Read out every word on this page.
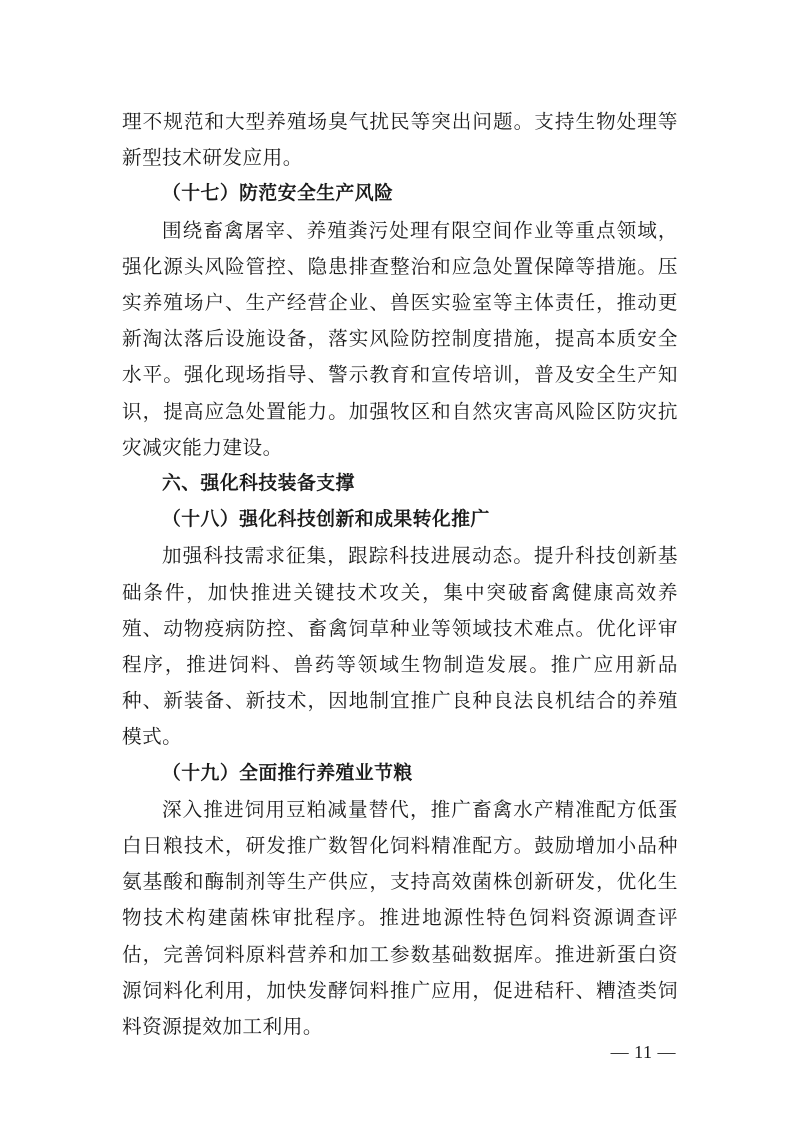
理不规范和大型养殖场臭气扰民等突出问题。支持生物处理等新型技术研发应用。

（十七）防范安全生产风险

围绕畜禽屠宰、养殖粪污处理有限空间作业等重点领域，强化源头风险管控、隐患排查整治和应急处置保障等措施。压实养殖场户、生产经营企业、兽医实验室等主体责任，推动更新淘汰落后设施设备，落实风险防控制度措施，提高本质安全水平。强化现场指导、警示教育和宣传培训，普及安全生产知识，提高应急处置能力。加强牧区和自然灾害高风险区防灾抗灾减灾能力建设。

六、强化科技装备支撑

（十八）强化科技创新和成果转化推广

加强科技需求征集，跟踪科技进展动态。提升科技创新基础条件，加快推进关键技术攻关，集中突破畜禽健康高效养殖、动物疫病防控、畜禽饲草种业等领域技术难点。优化评审程序，推进饲料、兽药等领域生物制造发展。推广应用新品种、新装备、新技术，因地制宜推广良种良法良机结合的养殖模式。

（十九）全面推行养殖业节粮

深入推进饲用豆粕减量替代，推广畜禽水产精准配方低蛋白日粮技术，研发推广数智化饲料精准配方。鼓励增加小品种氨基酸和酶制剂等生产供应，支持高效菌株创新研发，优化生物技术构建菌株审批程序。推进地源性特色饲料资源调查评估，完善饲料原料营养和加工参数基础数据库。推进新蛋白资源饲料化利用，加快发酵饲料推广应用，促进秸秆、糟渣类饲料资源提效加工利用。

— 11 —
